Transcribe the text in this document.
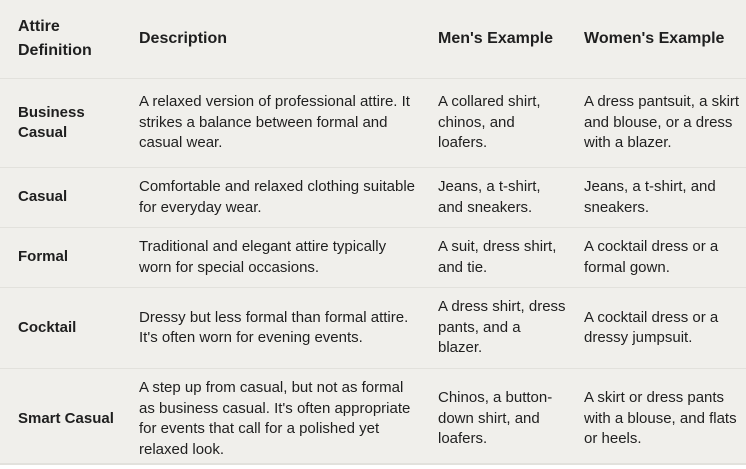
Attire Definition	Description	Men's Example	Women's Example
Business Casual	A relaxed version of professional attire. It strikes a balance between formal and casual wear.	A collared shirt, chinos, and loafers.	A dress pantsuit, a skirt and blouse, or a dress with a blazer.
Casual	Comfortable and relaxed clothing suitable for everyday wear.	Jeans, a t-shirt, and sneakers.	Jeans, a t-shirt, and sneakers.
Formal	Traditional and elegant attire typically worn for special occasions.	A suit, dress shirt, and tie.	A cocktail dress or a formal gown.
Cocktail	Dressy but less formal than formal attire. It's often worn for evening events.	A dress shirt, dress pants, and a blazer.	A cocktail dress or a dressy jumpsuit.
Smart Casual	A step up from casual, but not as formal as business casual. It's often appropriate for events that call for a polished yet relaxed look.	Chinos, a button-down shirt, and loafers.	A skirt or dress pants with a blouse, and flats or heels.
